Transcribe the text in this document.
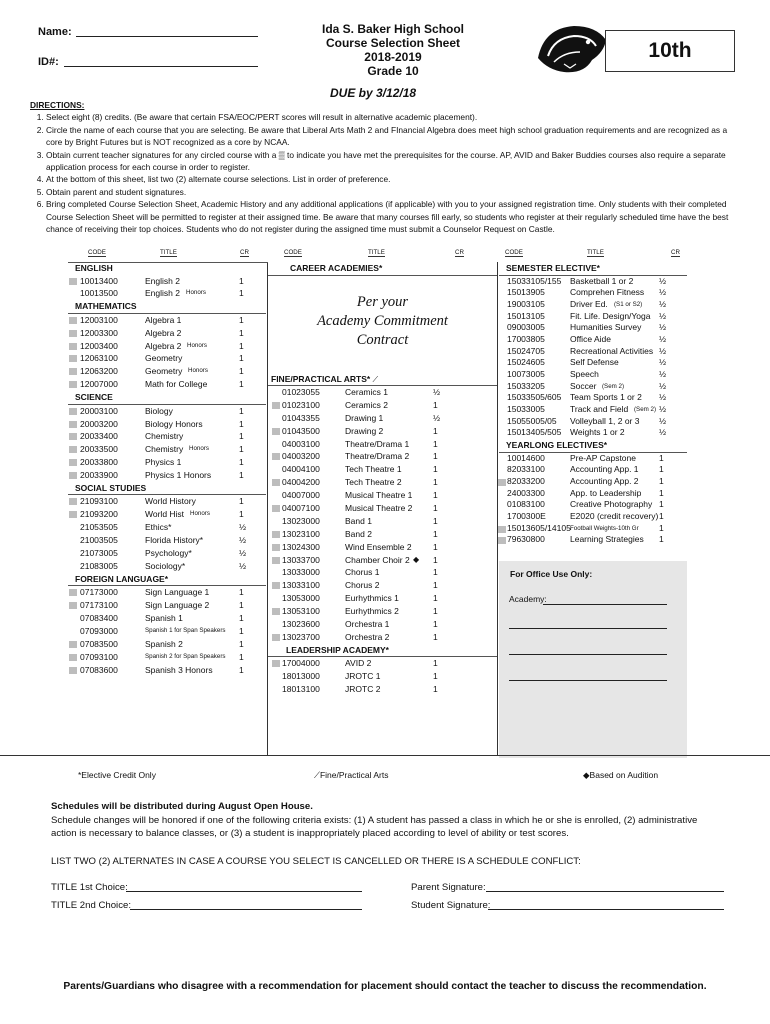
Name:
ID#:
Ida S. Baker High School
Course Selection Sheet
2018-2019
Grade 10
10th
DUE by 3/12/18
DIRECTIONS:
1. Select eight (8) credits. (Be aware that certain FSA/EOC/PERT scores will result in alternative academic placement).
2. Circle the name of each course that you are selecting. Be aware that Liberal Arts Math 2 and FInancial Algebra does meet high school graduation requirements and are recognized as a core by Bright Futures but is NOT recognized as a core by NCAA.
3. Obtain current teacher signatures for any circled course with a ▒ to indicate you have met the prerequisites for the course. AP, AVID and Baker Buddies courses also require a separate application process for each course in order to register.
4. At the bottom of this sheet, list two (2) alternate course selections. List in order of preference.
5. Obtain parent and student signatures.
6. Bring completed Course Selection Sheet, Academic History and any additional applications (if applicable) with you to your assigned registration time. Only students with their completed Course Selection Sheet will be permitted to register at their assigned time. Be aware that many courses fill early, so students who register at their regularly scheduled time have the best chance of receiving their top choices. Students who do not register during the assigned time must submit a Counselor Request on Castle.
CODE	TITLE	CR
ENGLISH
10013400	English 2	1
10013500	English 2 Honors	1
MATHEMATICS
12003100	Algebra 1	1
12003300	Algebra 2	1
12003400	Algebra 2 Honors	1
12063100	Geometry	1
12063200	Geometry Honors	1
12007000	Math for College	1
SCIENCE
20003100	Biology	1
20003200	Biology Honors	1
20033400	Chemistry	1
20033500	Chemistry Honors	1
20033800	Physics 1	1
20033900	Physics 1 Honors	1
SOCIAL STUDIES
21093100	World History	1
21093200	World Hist Honors	1
21053505	Ethics*	½
21003505	Florida History*	½
21073005	Psychology*	½
21083005	Sociology*	½
FOREIGN LANGUAGE*
07173000	Sign Language 1	1
07173100	Sign Language 2	1
07083400	Spanish 1	1
07093000	Spanish 1 for Span Speakers 1
07083500	Spanish 2	1
07093100	Spanish 2 for Span Speakers 1
07083600	Spanish 3 Honors	1
CODE	TITLE	CR
CAREER ACADEMIES*
Per your
Academy Commitment
Contract
FINE/PRACTICAL ARTS* ⟋
01023055	Ceramics 1	½
01023100	Ceramics 2	1
01043355	Drawing 1	½
01043500	Drawing 2	1
04003100	Theatre/Drama 1	1
04003200	Theatre/Drama 2	1
04004100	Tech Theatre 1	1
04004200	Tech Theatre 2	1
04007000	Musical Theatre 1 1
04007100	Musical Theatre 2 1
13023000	Band 1	1
13023100	Band 2	1
13024300	Wind Ensemble 2	1
13033700	Chamber Choir 2 ◆ 1
13033000	Chorus 1	1
13033100	Chorus 2	1
13053000	Eurhythmics 1	1
13053100	Eurhythmics 2	1
13023600	Orchestra 1	1
13023700	Orchestra 2	1
LEADERSHIP ACADEMY*
17004000	AVID 2	1
18013000	JROTC 1	1
18013100	JROTC 2	1
CODE	TITLE	CR
SEMESTER ELECTIVE*
15033105/155 Basketball 1 or 2	½
15013905	Comprehen Fitness ½
19003105	Driver Ed. (S1 or S2) ½
15013105	Fit. Life. Design/Yoga ½
09003005	Humanities Survey ½
17003805	Office Aide	½
15024705	Recreational Activities ½
15024605	Self Defense	½
10073005	Speech	½
15033205	Soccer (Sem 2)	½
15033505/605 Team Sports 1 or 2 ½
15033005	Track and Field (Sem 2) ½
15055005/05 Volleyball 1, 2 or 3 ½
15013405/505 Weights 1 or 2	½
YEARLONG ELECTIVES*
10014600	Pre-AP Capstone	1
82033100	Accounting App. 1 1
82033200	Accounting App. 2 1
24003300	App. to Leadership 1
01083100	Creative Photography 1
1700300E	E2020 (credit recovery) 1
15013605/14105 Football Weights-10th Gr 1
79630800	Learning Strategies 1
For Office Use Only:
Academy:
*Elective Credit Only	⟋Fine/Practical Arts	◆Based on Audition
Schedules will be distributed during August Open House.
Schedule changes will be honored if one of the following criteria exists: (1) A student has passed a class in which he or she is enrolled, (2) administrative action is necessary to balance classes, or (3) a student is inappropriately placed according to level of ability or test scores.
LIST TWO (2) ALTERNATES IN CASE A COURSE YOU SELECT IS CANCELLED OR THERE IS A SCHEDULE CONFLICT:
TITLE 1st Choice:	Parent Signature:
TITLE 2nd Choice:	Student Signature:
Parents/Guardians who disagree with a recommendation for placement should contact the teacher to discuss the recommendation.
